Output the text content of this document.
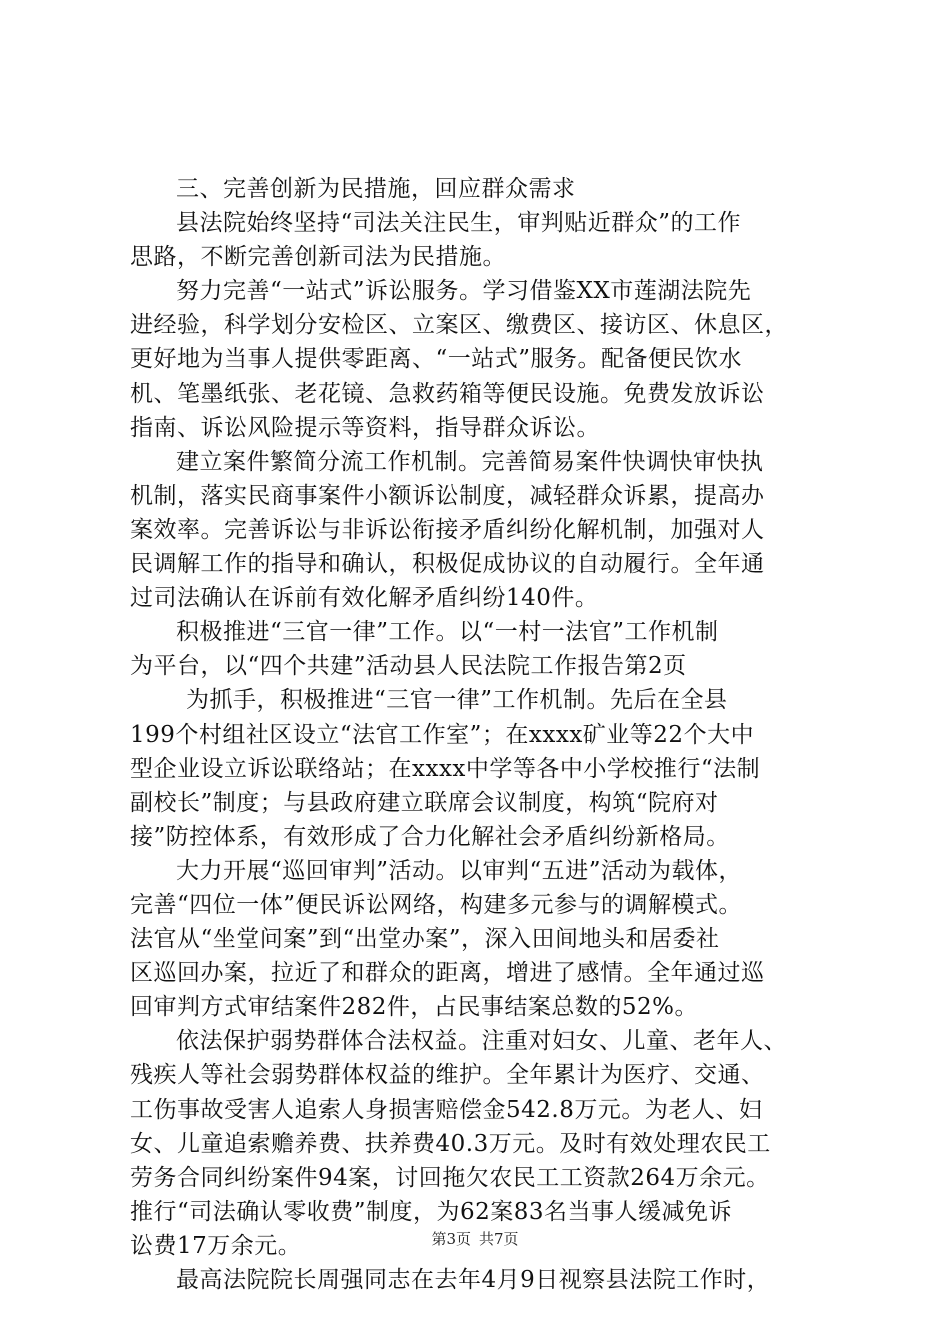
三、完善创新为民措施，回应群众需求
县法院始终坚持“司法关注民生，审判贴近群众”的工作
思路，不断完善创新司法为民措施。
努力完善“一站式”诉讼服务。学习借鉴XX市莲湖法院先
进经验，科学划分安检区、立案区、缴费区、接访区、休息区，
更好地为当事人提供零距离、“一站式”服务。配备便民饮水
机、笔墨纸张、老花镜、急救药箱等便民设施。免费发放诉讼
指南、诉讼风险提示等资料，指导群众诉讼。
建立案件繁简分流工作机制。完善简易案件快调快审快执
机制，落实民商事案件小额诉讼制度，减轻群众诉累，提高办
案效率。完善诉讼与非诉讼衔接矛盾纠纷化解机制，加强对人
民调解工作的指导和确认，积极促成协议的自动履行。全年通
过司法确认在诉前有效化解矛盾纠纷140件。
积极推进“三官一律”工作。以“一村一法官”工作机制
为平台，以“四个共建”活动县人民法院工作报告第2页
为抓手，积极推进“三官一律”工作机制。先后在全县
199个村组社区设立“法官工作室”；在xxxx矿业等22个大中
型企业设立诉讼联络站；在xxxx中学等各中小学校推行“法制
副校长”制度；与县政府建立联席会议制度，构筑“院府对
接”防控体系，有效形成了合力化解社会矛盾纠纷新格局。
大力开展“巡回审判”活动。以审判“五进”活动为载体，
完善“四位一体”便民诉讼网络，构建多元参与的调解模式。
法官从“坐堂问案”到“出堂办案”，深入田间地头和居委社
区巡回办案，拉近了和群众的距离，增进了感情。全年通过巡
回审判方式审结案件282件，占民事结案总数的52%。
依法保护弱势群体合法权益。注重对妇女、儿童、老年人、
残疾人等社会弱势群体权益的维护。全年累计为医疗、交通、
工伤事故受害人追索人身损害赔偿金542.8万元。为老人、妇
女、儿童追索赡养费、扶养费40.3万元。及时有效处理农民工
劳务合同纠纷案件94案，讨回拖欠农民工工资款264万余元。
推行“司法确认零收费”制度，为62案83名当事人缓减免诉
讼费17万余元。
最高法院院长周强同志在去年4月9日视察县法院工作时，
第3页 共7页
